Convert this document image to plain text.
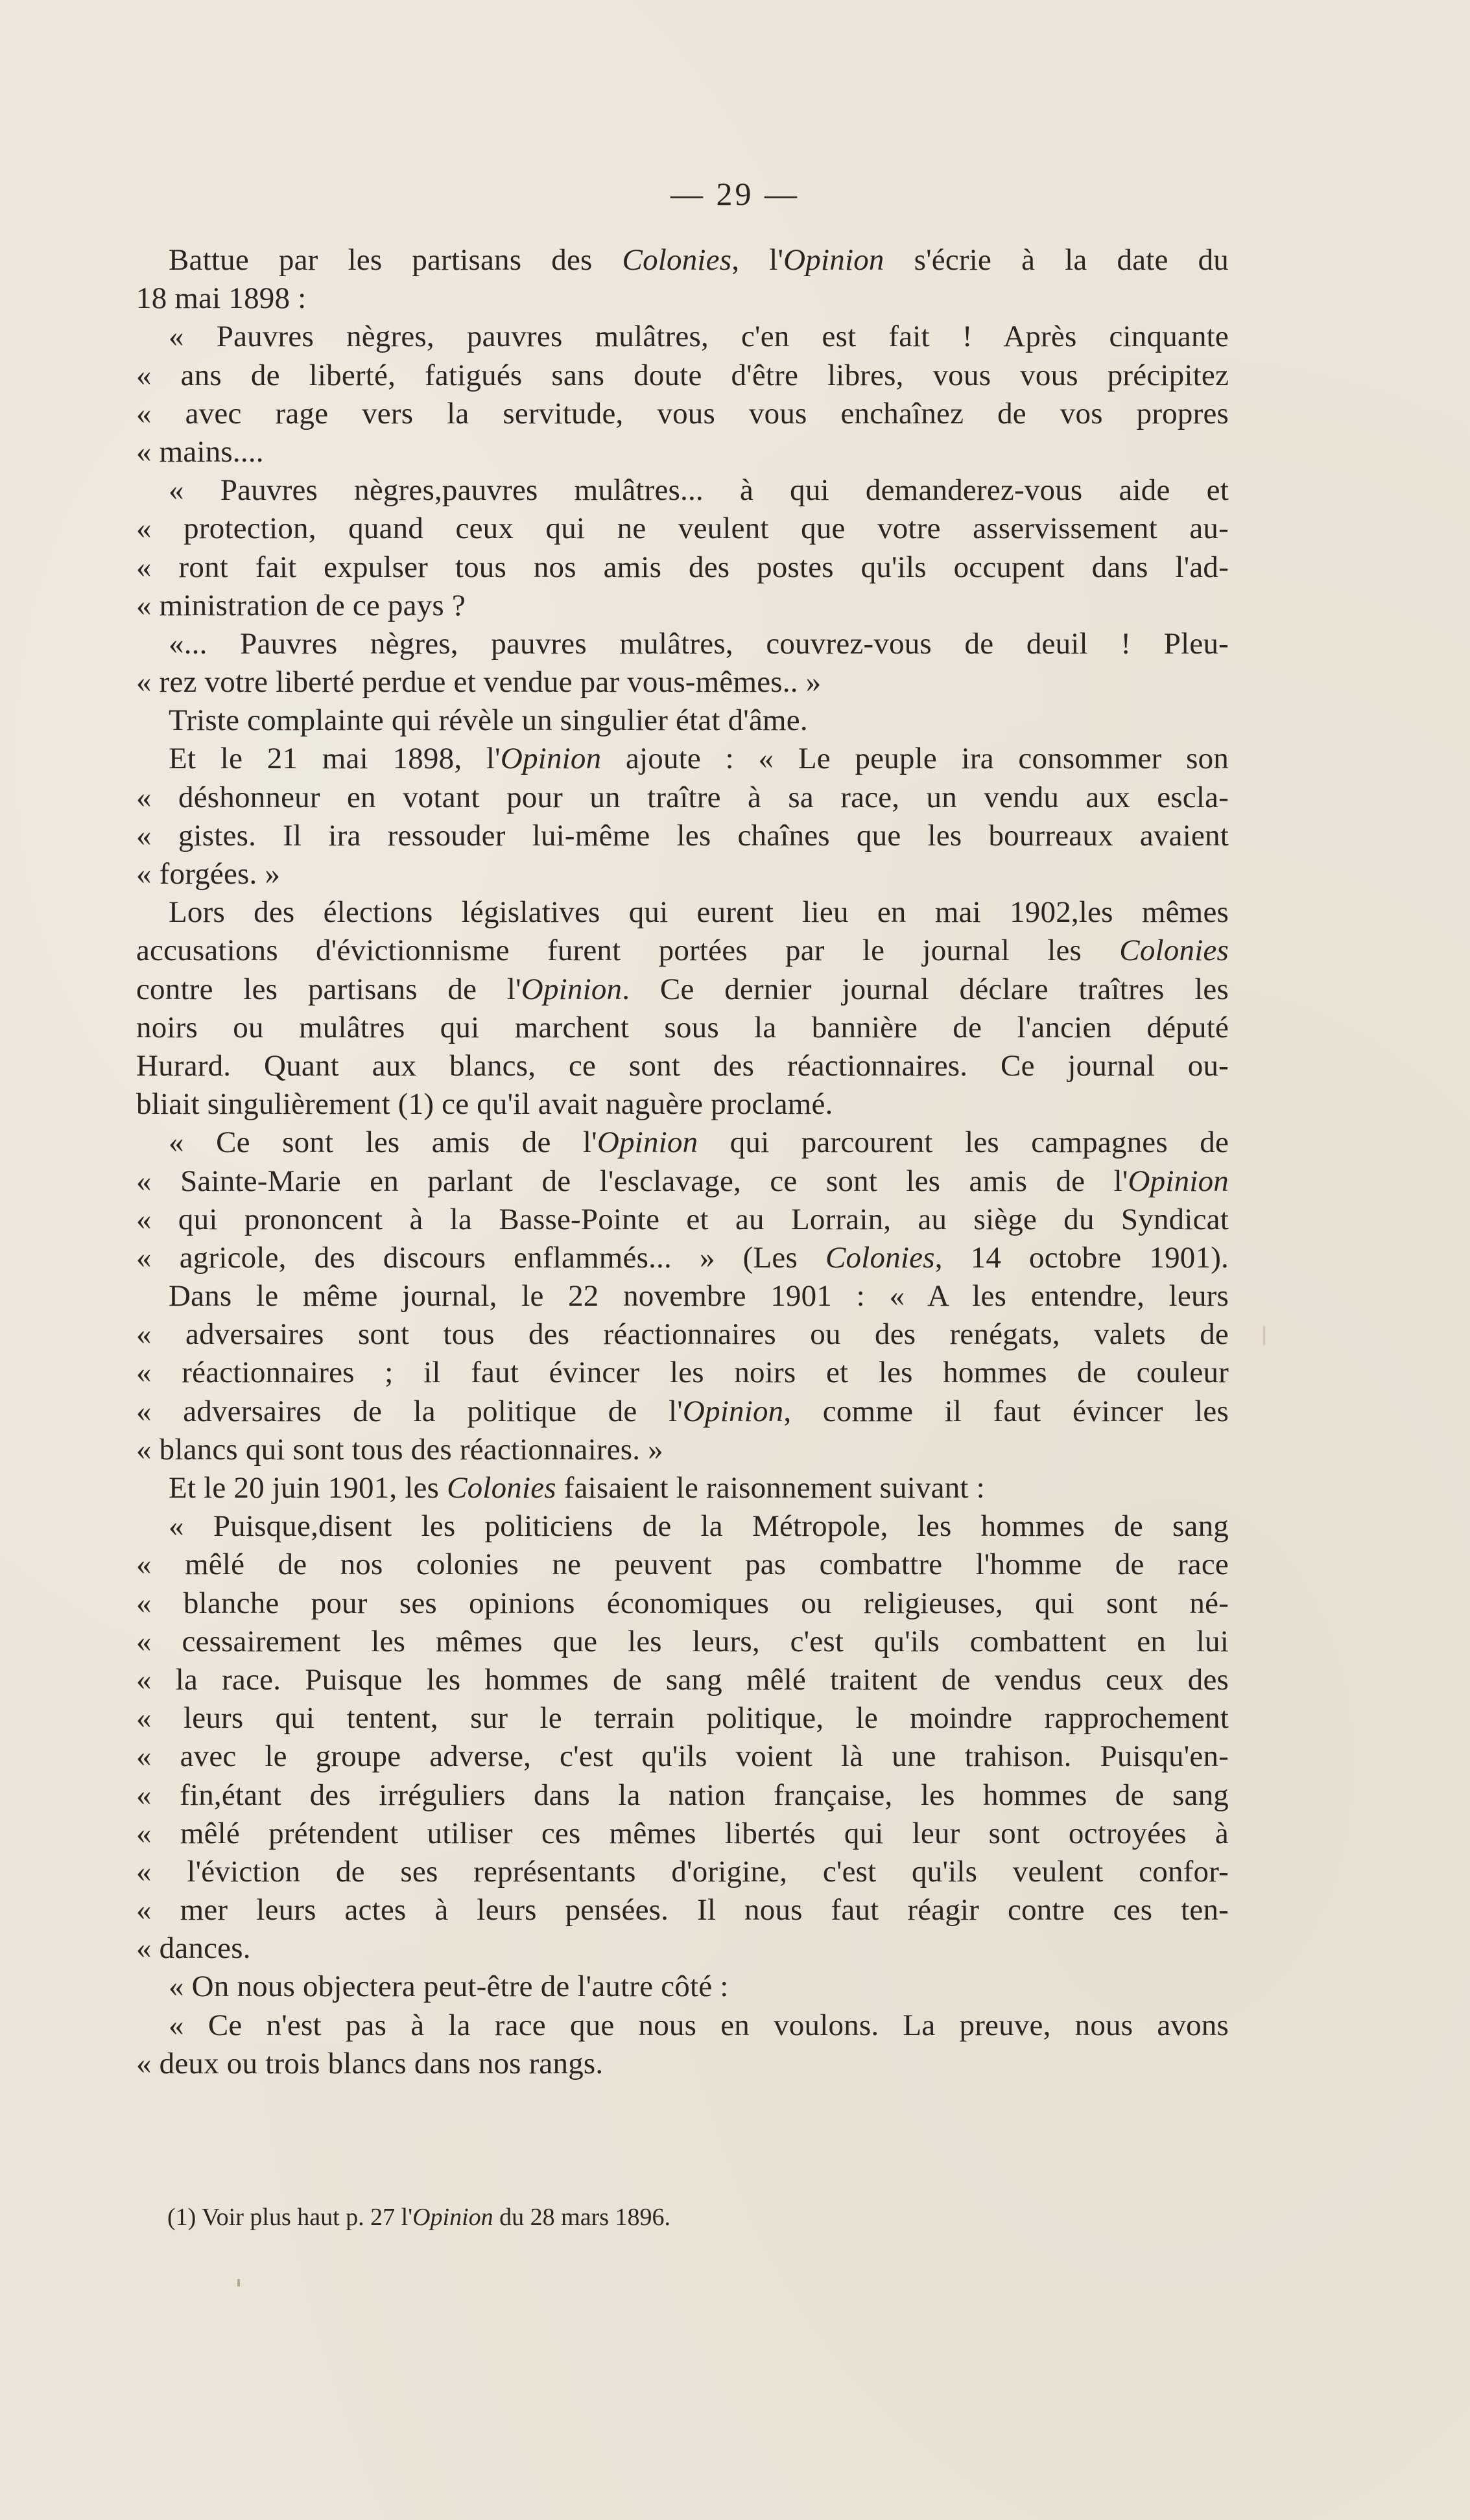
— 29 —
Battue par les partisans des Colonies, l'Opinion s'écrie à la date du
18 mai 1898 :
« Pauvres nègres, pauvres mulâtres, c'en est fait ! Après cinquante
« ans de liberté, fatigués sans doute d'être libres, vous vous précipitez
« avec rage vers la servitude, vous vous enchaînez de vos propres
« mains....
« Pauvres nègres,pauvres mulâtres... à qui demanderez-vous aide et
« protection, quand ceux qui ne veulent que votre asservissement au-
« ront fait expulser tous nos amis des postes qu'ils occupent dans l'ad-
« ministration de ce pays ?
«... Pauvres nègres, pauvres mulâtres, couvrez-vous de deuil ! Pleu-
« rez votre liberté perdue et vendue par vous-mêmes.. »
Triste complainte qui révèle un singulier état d'âme.
Et le 21 mai 1898, l'Opinion ajoute : « Le peuple ira consommer son
« déshonneur en votant pour un traître à sa race, un vendu aux escla-
« gistes. Il ira ressouder lui-même les chaînes que les bourreaux avaient
« forgées. »
Lors des élections législatives qui eurent lieu en mai 1902,les mêmes
accusations d'évictionnisme furent portées par le journal les Colonies
contre les partisans de l'Opinion. Ce dernier journal déclare traîtres les
noirs ou mulâtres qui marchent sous la bannière de l'ancien député
Hurard. Quant aux blancs, ce sont des réactionnaires. Ce journal ou-
bliait singulièrement (1) ce qu'il avait naguère proclamé.
« Ce sont les amis de l'Opinion qui parcourent les campagnes de
« Sainte-Marie en parlant de l'esclavage, ce sont les amis de l'Opinion
« qui prononcent à la Basse-Pointe et au Lorrain, au siège du Syndicat
« agricole, des discours enflammés... » (Les Colonies, 14 octobre 1901).
Dans le même journal, le 22 novembre 1901 : « A les entendre, leurs
« adversaires sont tous des réactionnaires ou des renégats, valets de
« réactionnaires ; il faut évincer les noirs et les hommes de couleur
« adversaires de la politique de l'Opinion, comme il faut évincer les
« blancs qui sont tous des réactionnaires. »
Et le 20 juin 1901, les Colonies faisaient le raisonnement suivant :
« Puisque,disent les politiciens de la Métropole, les hommes de sang
« mêlé de nos colonies ne peuvent pas combattre l'homme de race
« blanche pour ses opinions économiques ou religieuses, qui sont né-
« cessairement les mêmes que les leurs, c'est qu'ils combattent en lui
« la race. Puisque les hommes de sang mêlé traitent de vendus ceux des
« leurs qui tentent, sur le terrain politique, le moindre rapprochement
« avec le groupe adverse, c'est qu'ils voient là une trahison. Puisqu'en-
« fin,étant des irréguliers dans la nation française, les hommes de sang
« mêlé prétendent utiliser ces mêmes libertés qui leur sont octroyées à
« l'éviction de ses représentants d'origine, c'est qu'ils veulent confor-
« mer leurs actes à leurs pensées. Il nous faut réagir contre ces ten-
« dances.
« On nous objectera peut-être de l'autre côté :
« Ce n'est pas à la race que nous en voulons. La preuve, nous avons
« deux ou trois blancs dans nos rangs.
(1) Voir plus haut p. 27 l'Opinion du 28 mars 1896.
